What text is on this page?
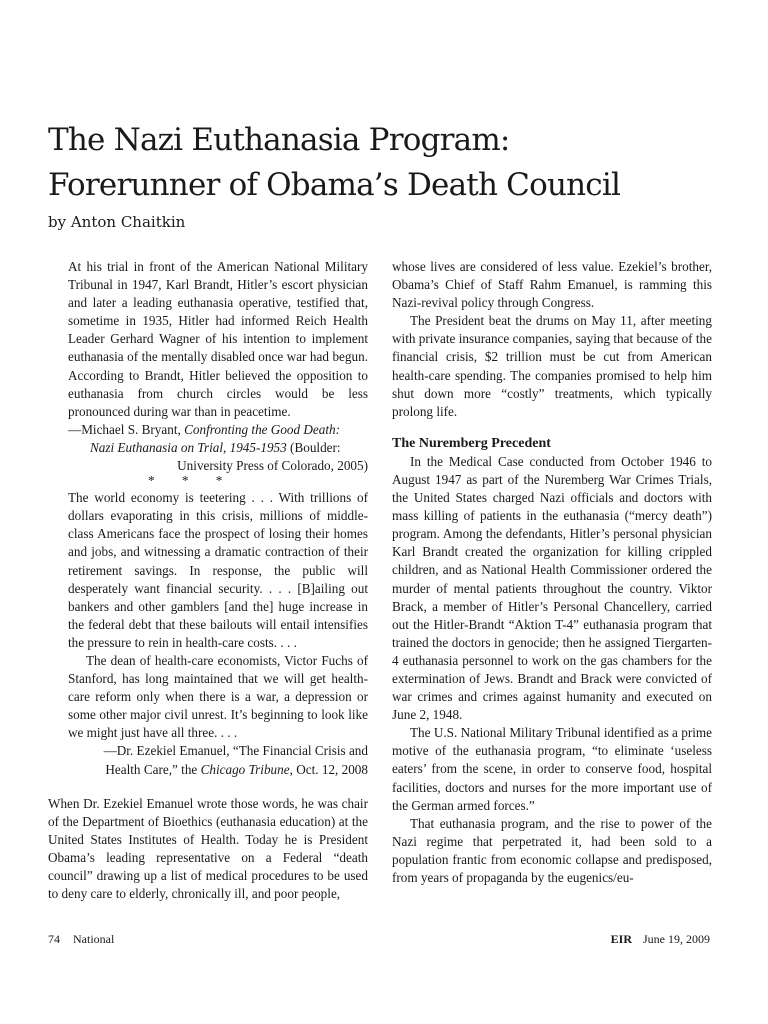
The Nazi Euthanasia Program:
Forerunner of Obama’s Death Council

by Anton Chaitkin

At his trial in front of the American National Military Tribunal in 1947, Karl Brandt, Hitler’s escort physician and later a leading euthanasia operative, testified that, sometime in 1935, Hitler had informed Reich Health Leader Gerhard Wagner of his intention to implement euthanasia of the mentally disabled once war had begun. According to Brandt, Hitler believed the opposition to euthanasia from church circles would be less pronounced during war than in peacetime.

—Michael S. Bryant, Confronting the Good Death:

Nazi Euthanasia on Trial, 1945-1953 (Boulder:

University Press of Colorado, 2005)

* * *

The world economy is teetering . . . With trillions of dollars evaporating in this crisis, millions of middle-class Americans face the prospect of losing their homes and jobs, and witnessing a dramatic contraction of their retirement savings. In response, the public will desperately want financial security. . . . [B]ailing out bankers and other gamblers [and the] huge increase in the federal debt that these bailouts will entail intensifies the pressure to rein in health-care costs. . . .

The dean of health-care economists, Victor Fuchs of Stanford, has long maintained that we will get health-care reform only when there is a war, a depression or some other major civil unrest. It’s beginning to look like we might just have all three. . . .

—Dr. Ezekiel Emanuel, “The Financial Crisis and

Health Care,” the Chicago Tribune, Oct. 12, 2008

When Dr. Ezekiel Emanuel wrote those words, he was chair of the Department of Bioethics (euthanasia education) at the United States Institutes of Health. Today he is President Obama’s leading representative on a Federal “death council” drawing up a list of medical procedures to be used to deny care to elderly, chronically ill, and poor people,

whose lives are considered of less value. Ezekiel’s brother, Obama’s Chief of Staff Rahm Emanuel, is ramming this Nazi-revival policy through Congress.

The President beat the drums on May 11, after meeting with private insurance companies, saying that because of the financial crisis, $2 trillion must be cut from American health-care spending. The companies promised to help him shut down more “costly” treatments, which typically prolong life.

The Nuremberg Precedent

In the Medical Case conducted from October 1946 to August 1947 as part of the Nuremberg War Crimes Trials, the United States charged Nazi officials and doctors with mass killing of patients in the euthanasia (“mercy death”) program. Among the defendants, Hitler’s personal physician Karl Brandt created the organization for killing crippled children, and as National Health Commissioner ordered the murder of mental patients throughout the country. Viktor Brack, a member of Hitler’s Personal Chancellery, carried out the Hitler-Brandt “Aktion T-4” euthanasia program that trained the doctors in genocide; then he assigned Tiergarten-4 euthanasia personnel to work on the gas chambers for the extermination of Jews. Brandt and Brack were convicted of war crimes and crimes against humanity and executed on June 2, 1948.

The U.S. National Military Tribunal identified as a prime motive of the euthanasia program, “to eliminate ‘useless eaters’ from the scene, in order to conserve food, hospital facilities, doctors and nurses for the more important use of the German armed forces.”

That euthanasia program, and the rise to power of the Nazi regime that perpetrated it, had been sold to a population frantic from economic collapse and predisposed, from years of propaganda by the eugenics/eu-

74 National	EIR June 19, 2009
